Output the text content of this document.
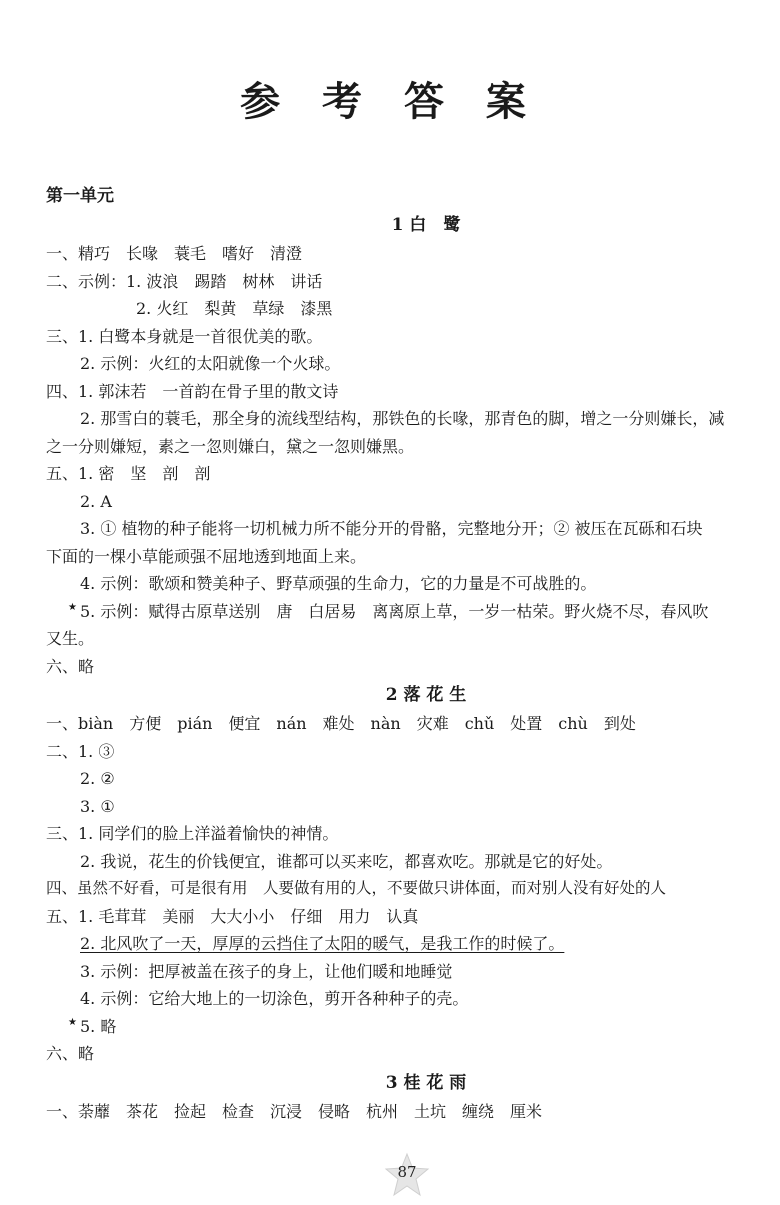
参 考 答 案
第一单元
1 白　鹭
一、精巧　长喙　蓑毛　嗜好　清澄
二、示例：1. 波浪　踢踏　树林　讲话
2. 火红　梨黄　草绿　漆黑
三、1. 白鹭本身就是一首很优美的歌。
2. 示例：火红的太阳就像一个火球。
四、1. 郭沫若　一首韵在骨子里的散文诗
2. 那雪白的蓑毛，那全身的流线型结构，那铁色的长喙，那青色的脚，增之一分则嫌长，减
之一分则嫌短，素之一忽则嫌白，黛之一忽则嫌黑。
五、1. 密　坚　剖　剖
2. A
3. ① 植物的种子能将一切机械力所不能分开的骨骼，完整地分开；② 被压在瓦砾和石块
下面的一棵小草能顽强不屈地透到地面上来。
4. 示例：歌颂和赞美种子、野草顽强的生命力，它的力量是不可战胜的。
★ 5. 示例：赋得古原草送别　唐　白居易　离离原上草，一岁一枯荣。野火烧不尽，春风吹
又生。
六、略
2 落 花 生
一、biàn　方便　pián　便宜　nán　难处　nàn　灾难　chǔ　处置　chù　到处
二、1. ③
2. ②
3. ①
三、1. 同学们的脸上洋溢着愉快的神情。
2. 我说，花生的价钱便宜，谁都可以买来吃，都喜欢吃。那就是它的好处。
四、虽然不好看，可是很有用　人要做有用的人，不要做只讲体面，而对别人没有好处的人
五、1. 毛茸茸　美丽　大大小小　仔细　用力　认真
2. 北风吹了一天，厚厚的云挡住了太阳的暖气，是我工作的时候了。
3. 示例：把厚被盖在孩子的身上，让他们暖和地睡觉
4. 示例：它给大地上的一切涂色，剪开各种种子的壳。
★ 5. 略
六、略
3 桂 花 雨
一、荼蘼　茶花　捡起　检查　沉浸　侵略　杭州　土坑　缠绕　厘米
87
